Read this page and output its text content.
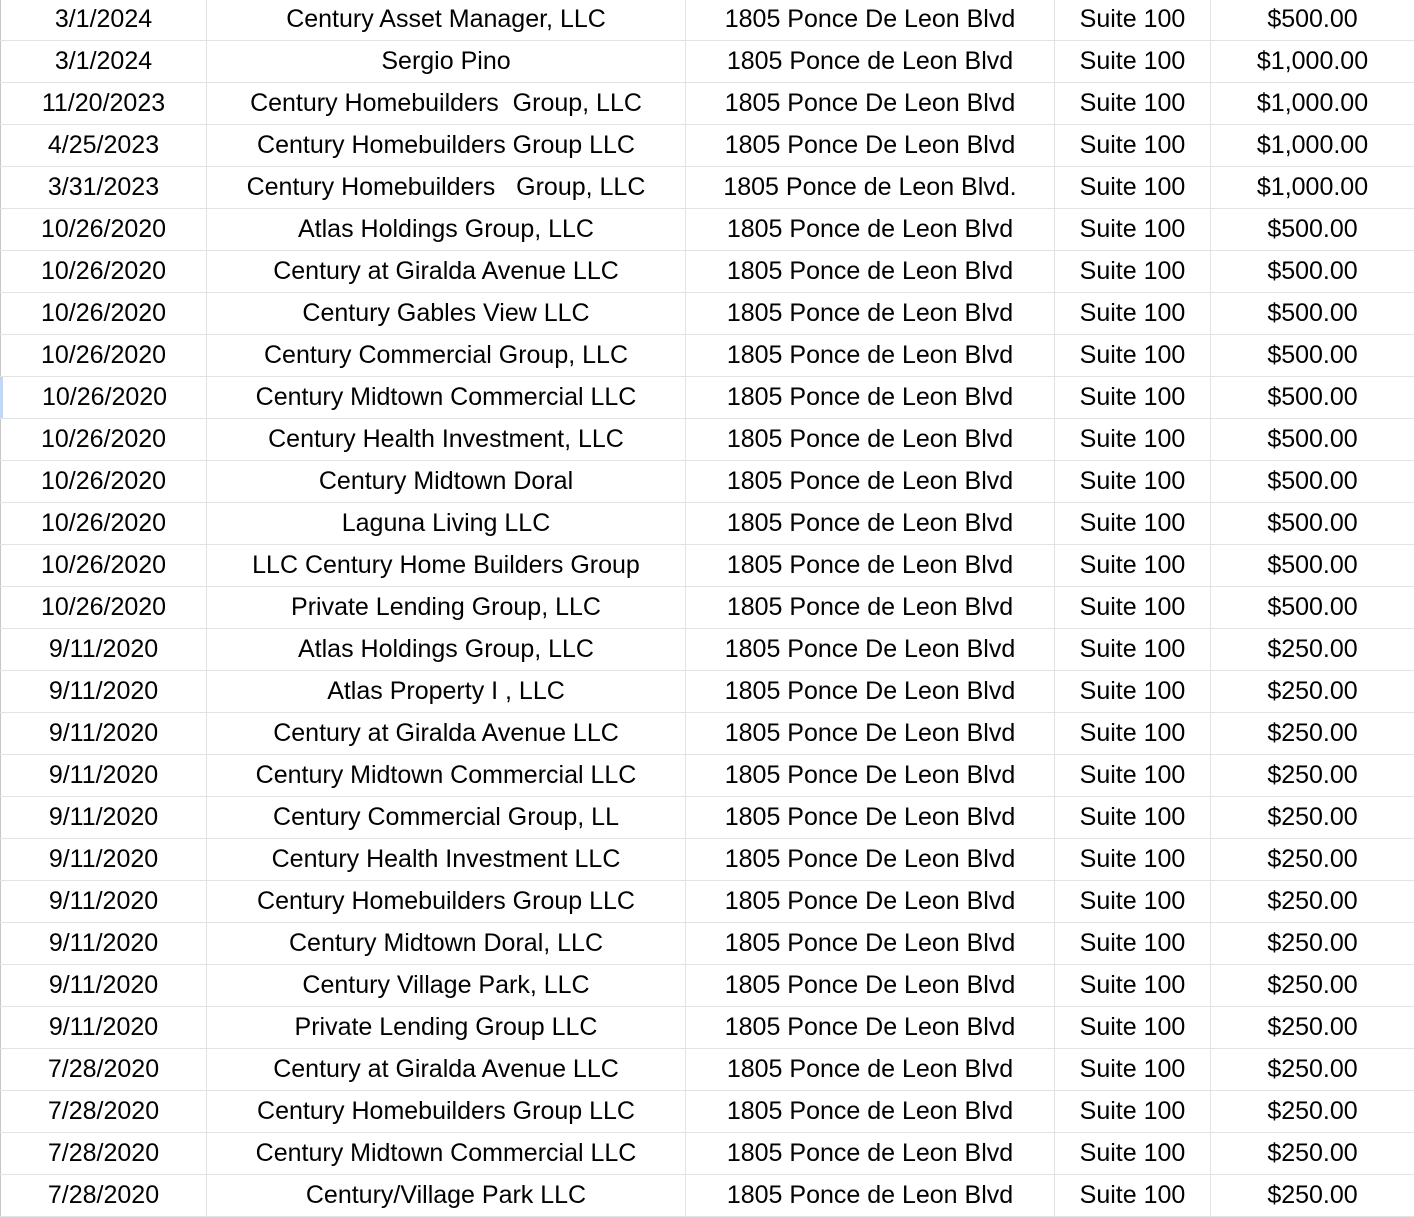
3/1/2024	Century Asset Manager, LLC	1805 Ponce De Leon Blvd	Suite 100	$500.00
3/1/2024	Sergio Pino	1805 Ponce de Leon Blvd	Suite 100	$1,000.00
11/20/2023	Century Homebuilders  Group, LLC	1805 Ponce De Leon Blvd	Suite 100	$1,000.00
4/25/2023	Century Homebuilders Group LLC	1805 Ponce De Leon Blvd	Suite 100	$1,000.00
3/31/2023	Century Homebuilders   Group, LLC	1805 Ponce de Leon Blvd.	Suite 100	$1,000.00
10/26/2020	Atlas Holdings Group, LLC	1805 Ponce de Leon Blvd	Suite 100	$500.00
10/26/2020	Century at Giralda Avenue LLC	1805 Ponce de Leon Blvd	Suite 100	$500.00
10/26/2020	Century Gables View LLC	1805 Ponce de Leon Blvd	Suite 100	$500.00
10/26/2020	Century Commercial Group, LLC	1805 Ponce de Leon Blvd	Suite 100	$500.00
10/26/2020	Century Midtown Commercial LLC	1805 Ponce de Leon Blvd	Suite 100	$500.00
10/26/2020	Century Health Investment, LLC	1805 Ponce de Leon Blvd	Suite 100	$500.00
10/26/2020	Century Midtown Doral	1805 Ponce de Leon Blvd	Suite 100	$500.00
10/26/2020	Laguna Living LLC	1805 Ponce de Leon Blvd	Suite 100	$500.00
10/26/2020	LLC Century Home Builders Group	1805 Ponce de Leon Blvd	Suite 100	$500.00
10/26/2020	Private Lending Group, LLC	1805 Ponce de Leon Blvd	Suite 100	$500.00
9/11/2020	Atlas Holdings Group, LLC	1805 Ponce De Leon Blvd	Suite 100	$250.00
9/11/2020	Atlas Property I , LLC	1805 Ponce De Leon Blvd	Suite 100	$250.00
9/11/2020	Century at Giralda Avenue LLC	1805 Ponce De Leon Blvd	Suite 100	$250.00
9/11/2020	Century Midtown Commercial LLC	1805 Ponce De Leon Blvd	Suite 100	$250.00
9/11/2020	Century Commercial Group, LL	1805 Ponce De Leon Blvd	Suite 100	$250.00
9/11/2020	Century Health Investment LLC	1805 Ponce De Leon Blvd	Suite 100	$250.00
9/11/2020	Century Homebuilders Group LLC	1805 Ponce De Leon Blvd	Suite 100	$250.00
9/11/2020	Century Midtown Doral, LLC	1805 Ponce De Leon Blvd	Suite 100	$250.00
9/11/2020	Century Village Park, LLC	1805 Ponce De Leon Blvd	Suite 100	$250.00
9/11/2020	Private Lending Group LLC	1805 Ponce De Leon Blvd	Suite 100	$250.00
7/28/2020	Century at Giralda Avenue LLC	1805 Ponce de Leon Blvd	Suite 100	$250.00
7/28/2020	Century Homebuilders Group LLC	1805 Ponce de Leon Blvd	Suite 100	$250.00
7/28/2020	Century Midtown Commercial LLC	1805 Ponce de Leon Blvd	Suite 100	$250.00
7/28/2020	Century/Village Park LLC	1805 Ponce de Leon Blvd	Suite 100	$250.00
